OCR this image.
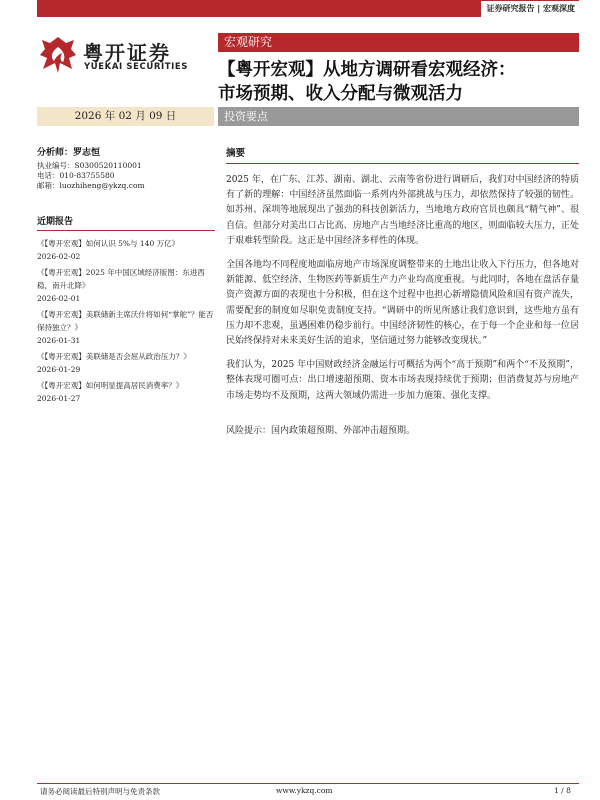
证券研究报告 | 宏观深度
粤开证券
YUEKAI SECURITIES
宏观研究
【粤开宏观】从地方调研看宏观经济：
市场预期、收入分配与微观活力
2026 年 02 月 09 日	投资要点
分析师：罗志恒
执业编号：S0300520110001
电话：010-83755580
邮箱：luozhiheng@ykzq.com
近期报告
《【粤开宏观】如何认识 5%与 140 万亿》
2026-02-02
《【粤开宏观】2025 年中国区域经济版图：东进西稳，南升北降》
2026-02-01
《【粤开宏观】美联储新主席沃什将如何“掌舵”？能否保持独立？》
2026-01-31
《【粤开宏观】美联储是否会屈从政治压力？》
2026-01-29
《【粤开宏观】如何明显提高居民消费率？》
2026-01-27
摘要

2025 年，在广东、江苏、湖南、湖北、云南等省份进行调研后，我们对中国经济的特质有了新的理解：中国经济虽然面临一系列内外部挑战与压力，却依然保持了较强的韧性。如苏州、深圳等地展现出了强劲的科技创新活力，当地地方政府官员也颇具“精气神”、很自信。但部分对美出口占比高、房地产占当地经济比重高的地区，则面临较大压力，正处于艰难转型阶段。这正是中国经济多样性的体现。

全国各地均不同程度地面临房地产市场深度调整带来的土地出让收入下行压力，但各地对新能源、低空经济、生物医药等新质生产力产业均高度重视。与此同时，各地在盘活存量资产资源方面的表现也十分积极，但在这个过程中也担心新增隐债风险和国有资产流失，需要配套的制度如尽职免责制度支持。“调研中的所见所感让我们意识到，这些地方虽有压力却不悲观，虽遇困难仍稳步前行。中国经济韧性的核心，在于每一个企业和每一位居民始终保持对未来美好生活的追求，坚信通过努力能够改变现状。”

我们认为，2025 年中国财政经济金融运行可概括为两个“高于预期”和两个“不及预期”，整体表现可圈可点：出口增速超预期、资本市场表现持续优于预期；但消费复苏与房地产市场走势均不及预期，这两大领域仍需进一步加力施策、强化支撑。

风险提示：国内政策超预期、外部冲击超预期。

请务必阅读最后特别声明与免责条款	www.ykzq.com	1 / 8
